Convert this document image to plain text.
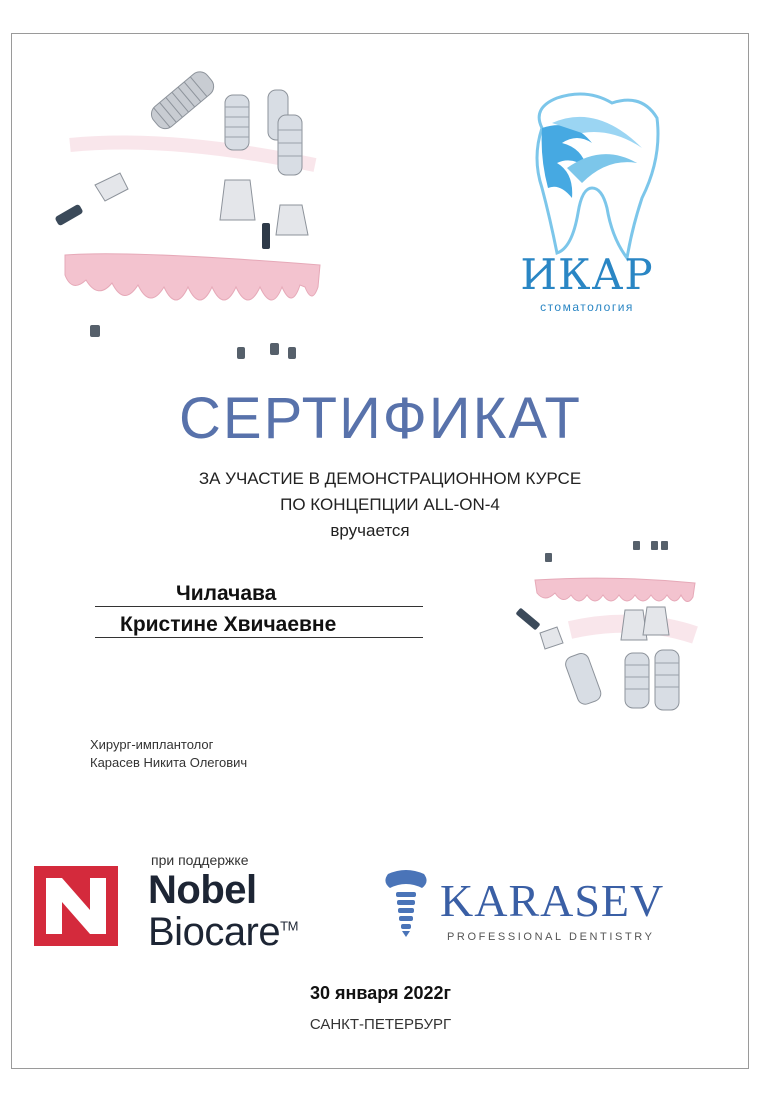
ИКАР
стоматология
СЕРТИФИКАТ
ЗА УЧАСТИЕ В ДЕМОНСТРАЦИОННОМ КУРСЕ
ПО КОНЦЕПЦИИ ALL-ON-4
вручается
Чилачава
Кристине Хвичаевне
Хирург-имплантолог
Карасев Никита Олегович
при поддержке
Nobel
Biocare™
KARASEV
PROFESSIONAL DENTISTRY
30 января 2022г
САНКТ-ПЕТЕРБУРГ
